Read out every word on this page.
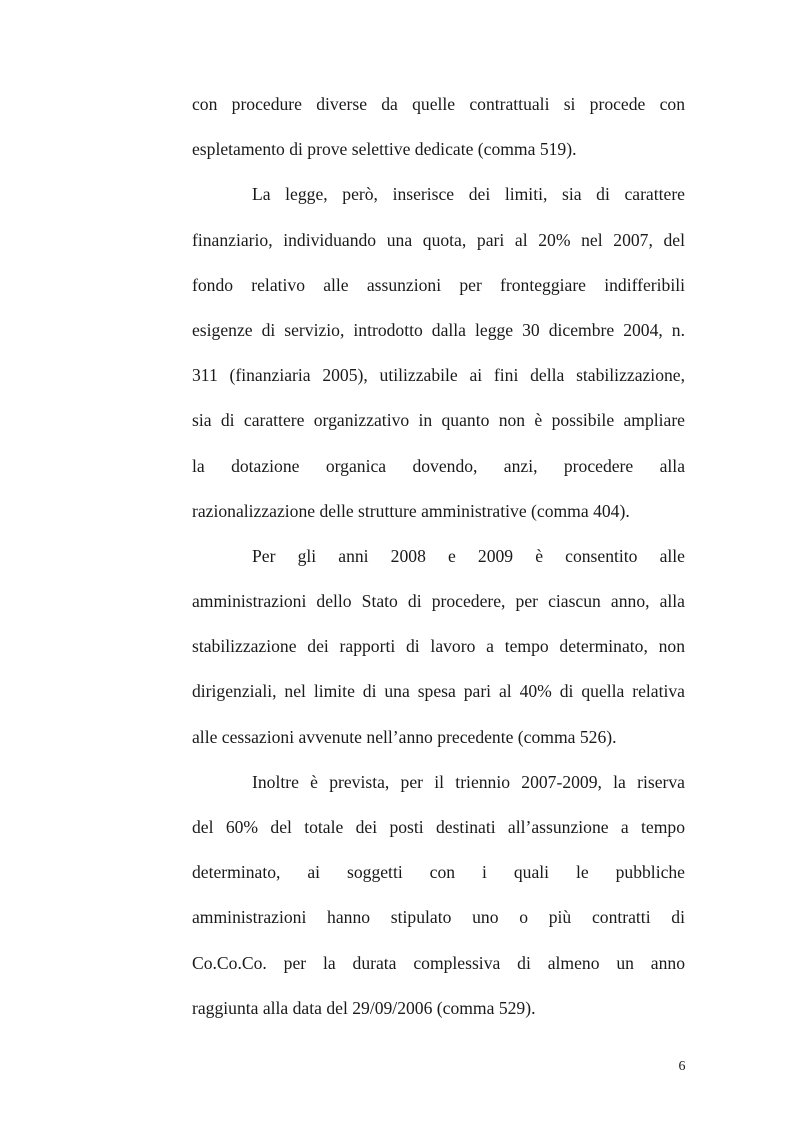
con procedure diverse da quelle contrattuali si procede con
espletamento di prove selettive dedicate (comma 519).
La legge, però, inserisce dei limiti, sia di carattere
finanziario, individuando una quota, pari al 20% nel 2007, del
fondo relativo alle assunzioni per fronteggiare indifferibili
esigenze di servizio, introdotto dalla legge 30 dicembre 2004, n.
311 (finanziaria 2005), utilizzabile ai fini della stabilizzazione,
sia di carattere organizzativo in quanto non è possibile ampliare
la dotazione organica dovendo, anzi, procedere alla
razionalizzazione delle strutture amministrative (comma 404).
Per gli anni 2008 e 2009 è consentito alle
amministrazioni dello Stato di procedere, per ciascun anno, alla
stabilizzazione dei rapporti di lavoro a tempo determinato, non
dirigenziali, nel limite di una spesa pari al 40% di quella relativa
alle cessazioni avvenute nell’anno precedente (comma 526).
Inoltre è prevista, per il triennio 2007-2009, la riserva
del 60% del totale dei posti destinati all’assunzione a tempo
determinato, ai soggetti con i quali le pubbliche
amministrazioni hanno stipulato uno o più contratti di
Co.Co.Co. per la durata complessiva di almeno un anno
raggiunta alla data del 29/09/2006 (comma 529).
6
